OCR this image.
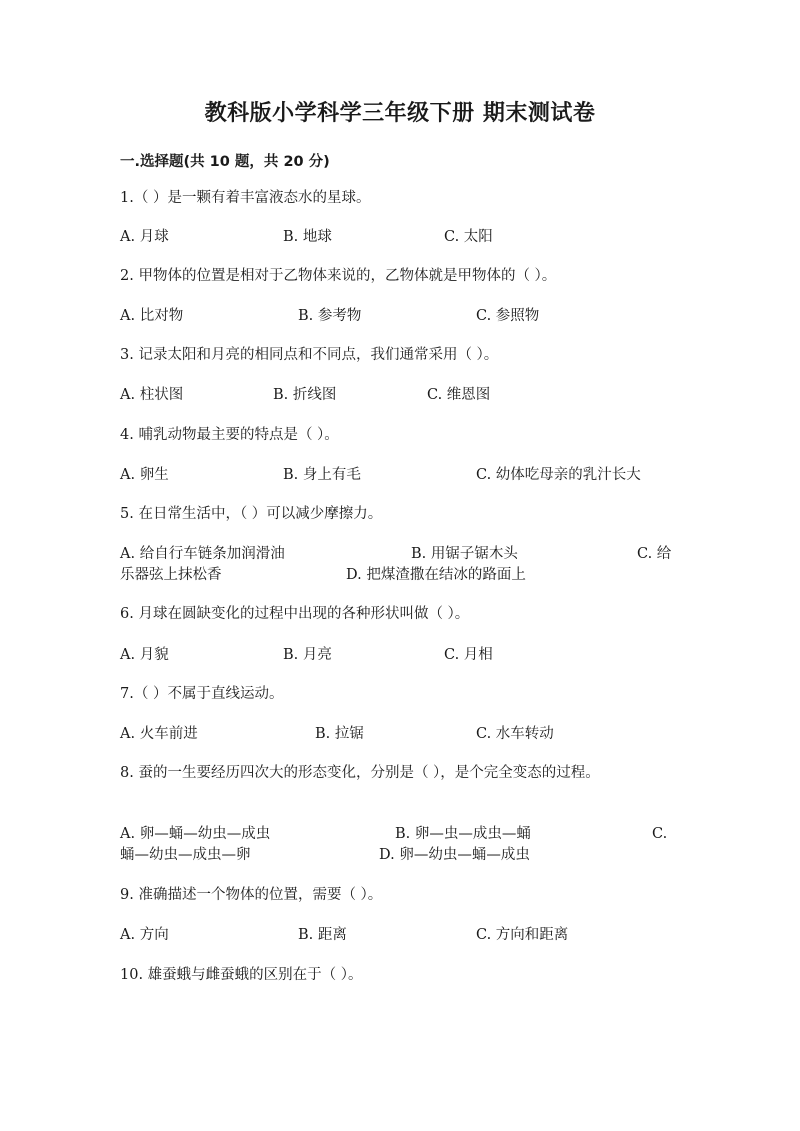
教科版小学科学三年级下册 期末测试卷
一.选择题(共 10 题，共 20 分)
1.（ ）是一颗有着丰富液态水的星球。
A. 月球	B. 地球	C. 太阳
2. 甲物体的位置是相对于乙物体来说的，乙物体就是甲物体的（ ）。
A. 比对物	B. 参考物	C. 参照物
3. 记录太阳和月亮的相同点和不同点，我们通常采用（ ）。
A. 柱状图	B. 折线图	C. 维恩图
4. 哺乳动物最主要的特点是（ ）。
A. 卵生	B. 身上有毛	C. 幼体吃母亲的乳汁长大
5. 在日常生活中，（ ）可以减少摩擦力。
A. 给自行车链条加润滑油	B. 用锯子锯木头	C. 给
乐器弦上抹松香	D. 把煤渣撒在结冰的路面上
6. 月球在圆缺变化的过程中出现的各种形状叫做（ ）。
A. 月貌	B. 月亮	C. 月相
7.（ ）不属于直线运动。
A. 火车前进	B. 拉锯	C. 水车转动
8. 蚕的一生要经历四次大的形态变化，分别是（ ），是个完全变态的过程。
A. 卵—蛹—幼虫—成虫	B. 卵—虫—成虫—蛹	C.
蛹—幼虫—成虫—卵	D. 卵—幼虫—蛹—成虫
9. 准确描述一个物体的位置，需要（ ）。
A. 方向	B. 距离	C. 方向和距离
10. 雄蚕蛾与雌蚕蛾的区别在于（ ）。
